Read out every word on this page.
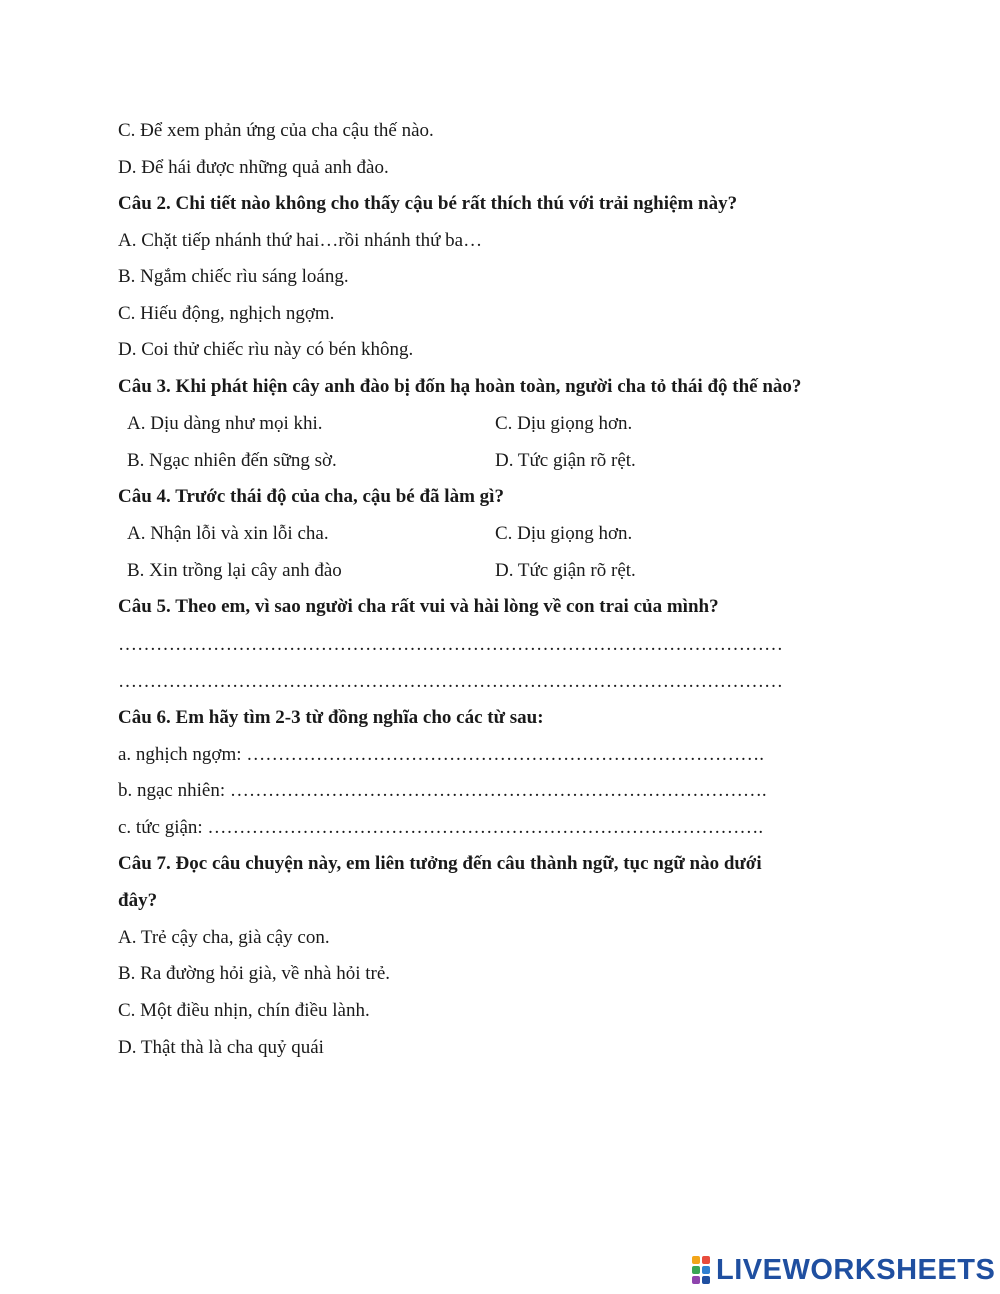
C. Để xem phản ứng của cha cậu thế nào.
D. Để hái được những quả anh đào.
Câu 2. Chi tiết nào không cho thấy cậu bé rất thích thú với trải nghiệm này?
A. Chặt tiếp nhánh thứ hai…rồi nhánh thứ ba…
B. Ngắm chiếc rìu sáng loáng.
C. Hiếu động, nghịch ngợm.
D. Coi thử chiếc rìu này có bén không.
Câu 3. Khi phát hiện cây anh đào bị đốn hạ hoàn toàn, người cha tỏ thái độ thế nào?
A. Dịu dàng như mọi khi.	C. Dịu giọng hơn.
B. Ngạc nhiên đến sững sờ.	D. Tức giận rõ rệt.
Câu 4. Trước thái độ của cha, cậu bé đã làm gì?
A. Nhận lỗi và xin lỗi cha.	C. Dịu giọng hơn.
B. Xin trồng lại cây anh đào	D. Tức giận rõ rệt.
Câu 5. Theo em, vì sao người cha rất vui và hài lòng về con trai của mình?
……………………………………………………………………………………………
……………………………………………………………………………………………
Câu 6. Em hãy tìm 2-3 từ đồng nghĩa cho các từ sau:
a. nghịch ngợm: ……………………………………………………………………….
b. ngạc nhiên: ………………………………………………………………………….
c. tức giận: …………………………………………………………………………….
Câu 7. Đọc câu chuyện này, em liên tưởng đến câu thành ngữ, tục ngữ nào dưới
đây?
A. Trẻ cậy cha, già cậy con.
B. Ra đường hỏi già, về nhà hỏi trẻ.
C. Một điều nhịn, chín điều lành.
D. Thật thà là cha quỷ quái
LIVEWORKSHEETS
